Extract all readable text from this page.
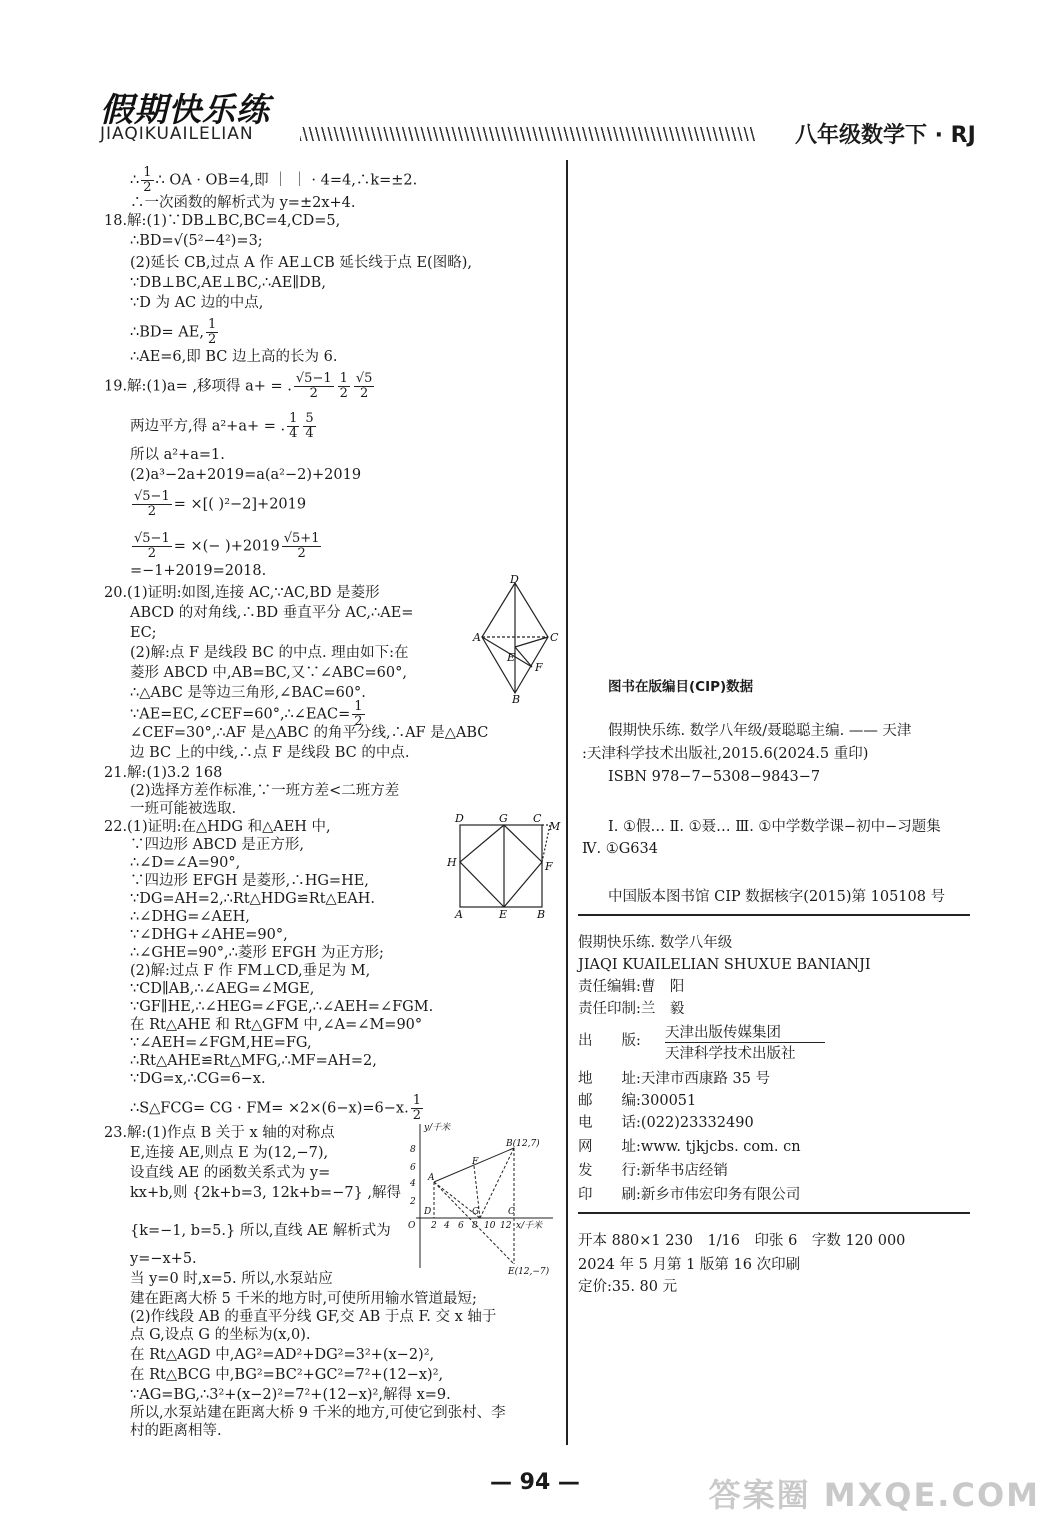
假期快乐练
JIAQIKUAILELIAN	八年级数学下 · RJ
∴ $\frac{1}{2}$ ∴ OA · OB=4,即 ｜ ｜ · 4=4,∴k=±2.
∴一次函数的解析式为 y=±2x+4.
18.解:(1)∵DB⊥BC,BC=4,CD=5,
∴BD=√(5²−4²)=3;
(2)延长 CB,过点 A 作 AE⊥CB 延长线于点 E(图略),
∵DB⊥BC,AE⊥BC,∴AE∥DB,
∵D 为 AC 边的中点,
∴BD= AE, $\frac{1}{2}$
∴AE=6,即 BC 边上高的长为 6.
19.解:(1)a= ,移项得 a+ = . $\frac{√5-1}{2} \frac{1}{2} \frac{√5}{2}$
两边平方,得 a²+a+ = . $\frac{1}{4} \frac{5}{4}$
所以 a²+a=1.
(2)a³−2a+2019=a(a²−2)+2019
$\frac{√5-1}{2}$ = ×[( )²−2]+2019
$\frac{√5-1}{2}$ = ×(− )$+2019 \frac{√5+1}{2}$
=−1+2019=2018.
20.(1)证明:如图,连接 AC,∵AC,BD 是菱形
ABCD 的对角线,∴BD 垂直平分 AC,∴AE=
EC;
(2)解:点 F 是线段 BC 的中点. 理由如下:在
菱形 ABCD 中,AB=BC,又∵∠ABC=60°,
∴△ABC 是等边三角形,∠BAC=60°.
∵AE=EC,∠CEF=60°,∴∠EAC= $\frac{1}{2}$
∠CEF=30°,∴AF 是△ABC 的角平分线,∴AF 是△ABC
边 BC 上的中线,∴点 F 是线段 BC 的中点.
21.解:(1)3.2 168
(2)选择方差作标准,∵一班方差<二班方差
一班可能被选取.
22.(1)证明:在△HDG 和△AEH 中,
∵四边形 ABCD 是正方形,
∴∠D=∠A=90°,
∵四边形 EFGH 是菱形,∴HG=HE,
∵DG=AH=2,∴Rt△HDG≌Rt△EAH.
∴∠DHG=∠AEH,
∵∠DHG+∠AHE=90°,
∴∠GHE=90°,∴菱形 EFGH 为正方形;
(2)解:过点 F 作 FM⊥CD,垂足为 M,
∵CD∥AB,∴∠AEG=∠MGE,
∵GF∥HE,∴∠HEG=∠FGE,∴∠AEH=∠FGM.
在 Rt△AHE 和 Rt△GFM 中,∠A=∠M=90°
∵∠AEH=∠FGM,HE=FG,
∴Rt△AHE≌Rt△MFG,∴MF=AH=2,
∵DG=x,∴CG=6−x.
∴S△FCG= CG · FM= ×2×(6−x)=6−x. $\frac{1}{2}$
23.解:(1)作点 B 关于 x 轴的对称点
E,连接 AE,则点 E 为(12,−7),
设直线 AE 的函数关系式为 y=
kx+b,则 {2k+b=3, 12k+b=−7} ,解得
{k=−1, b=5.} 所以,直线 AE 解析式为
y=−x+5.
当 y=0 时,x=5. 所以,水泵站应
建在距离大桥 5 千米的地方时,可使所用输水管道最短;
(2)作线段 AB 的垂直平分线 GF,交 AB 于点 F. 交 x 轴于
点 G,设点 G 的坐标为(x,0).
在 Rt△AGD 中,AG²=AD²+DG²=3²+(x−2)²,
在 Rt△BCG 中,BG²=BC²+GC²=7²+(12−x)²,
∵AG=BG,∴3²+(x−2)²=7²+(12−x)²,解得 x=9.
所以,水泵站建在距离大桥 9 千米的地方,可使它到张村、李
村的距离相等.
D
A	C
E
F
B
D	G C
M
H	F
A	E	B
y/千米
x/千米
B(12,7)
E(12,−7)
A
F
G	C
D
O
8
6
4
2
2 4 6 8 10 12
图书在版编目(CIP)数据
假期快乐练. 数学八年级/聂聪聪主编. —— 天津
:天津科学技术出版社,2015.6(2024.5 重印)
ISBN 978−7−5308−9843−7
Ⅰ. ①假… Ⅱ. ①聂… Ⅲ. ①中学数学课−初中−习题集
Ⅳ. ①G634
中国版本图书馆 CIP 数据核字(2015)第 105108 号
假期快乐练. 数学八年级
JIAQI KUAILELIAN SHUXUE BANIANJI
责任编辑:曹　阳
责任印制:兰　毅
出　　版: 天津出版传媒集团
天津科学技术出版社
地　　址:天津市西康路 35 号
邮　　编:300051
电　　话:(022)23332490
网　　址:www. tjkjcbs. com. cn
发　　行:新华书店经销
印　　刷:新乡市伟宏印务有限公司
开本 880×1 230　1/16　印张 6　字数 120 000
2024 年 5 月第 1 版第 16 次印刷
定价:35. 80 元
— 94 —	答案圈 MXQE.COM
